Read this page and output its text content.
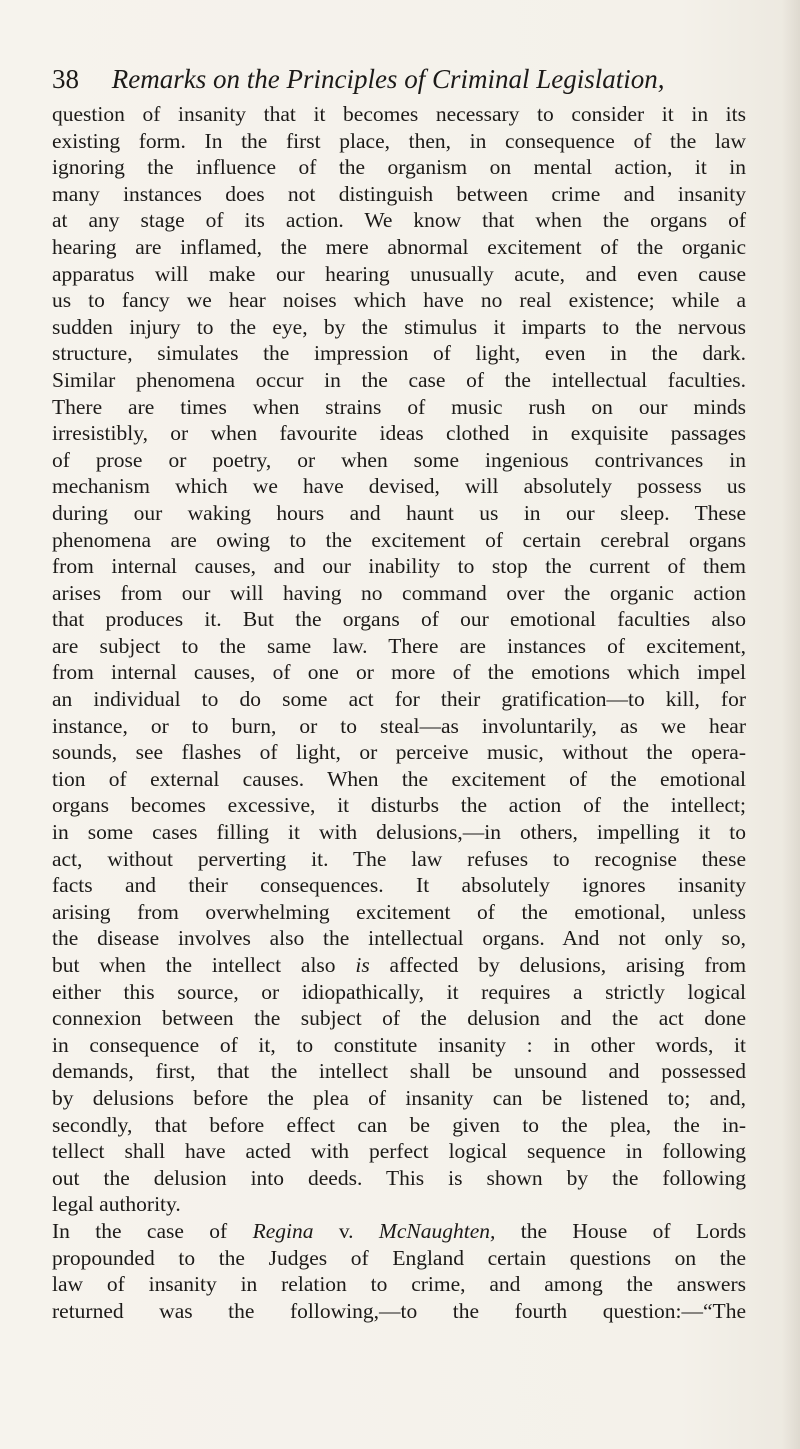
38 Remarks on the Principles of Criminal Legislation,
question of insanity that it becomes necessary to consider it in its
existing form. In the first place, then, in consequence of the law
ignoring the influence of the organism on mental action, it in
many instances does not distinguish between crime and insanity
at any stage of its action. We know that when the organs of
hearing are inflamed, the mere abnormal excitement of the organic
apparatus will make our hearing unusually acute, and even cause
us to fancy we hear noises which have no real existence; while a
sudden injury to the eye, by the stimulus it imparts to the nervous
structure, simulates the impression of light, even in the dark.
Similar phenomena occur in the case of the intellectual faculties.
There are times when strains of music rush on our minds
irresistibly, or when favourite ideas clothed in exquisite passages
of prose or poetry, or when some ingenious contrivances in
mechanism which we have devised, will absolutely possess us
during our waking hours and haunt us in our sleep. These
phenomena are owing to the excitement of certain cerebral organs
from internal causes, and our inability to stop the current of them
arises from our will having no command over the organic action
that produces it. But the organs of our emotional faculties also
are subject to the same law. There are instances of excitement,
from internal causes, of one or more of the emotions which impel
an individual to do some act for their gratification—to kill, for
instance, or to burn, or to steal—as involuntarily, as we hear
sounds, see flashes of light, or perceive music, without the opera-
tion of external causes. When the excitement of the emotional
organs becomes excessive, it disturbs the action of the intellect;
in some cases filling it with delusions,—in others, impelling it to
act, without perverting it. The law refuses to recognise these
facts and their consequences. It absolutely ignores insanity
arising from overwhelming excitement of the emotional, unless
the disease involves also the intellectual organs. And not only so,
but when the intellect also is affected by delusions, arising from
either this source, or idiopathically, it requires a strictly logical
connexion between the subject of the delusion and the act done
in consequence of it, to constitute insanity : in other words, it
demands, first, that the intellect shall be unsound and possessed
by delusions before the plea of insanity can be listened to; and,
secondly, that before effect can be given to the plea, the in-
tellect shall have acted with perfect logical sequence in following
out the delusion into deeds. This is shown by the following
legal authority.
In the case of Regina v. McNaughten, the House of Lords
propounded to the Judges of England certain questions on the
law of insanity in relation to crime, and among the answers
returned was the following,—to the fourth question:—“The
